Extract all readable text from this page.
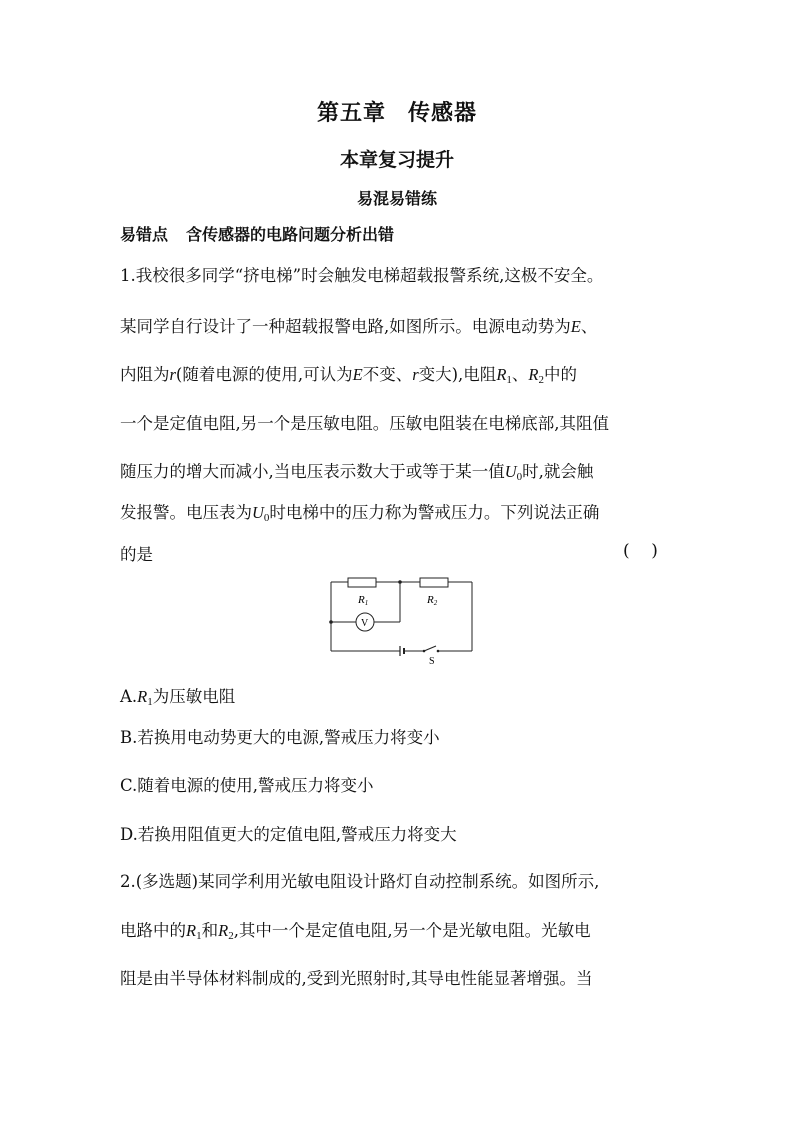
第五章 传感器
本章复习提升
易混易错练
易错点 含传感器的电路问题分析出错
1.我校很多同学“挤电梯”时会触发电梯超载报警系统,这极不安全。
某同学自行设计了一种超载报警电路,如图所示。电源电动势为E、
内阻为r(随着电源的使用,可认为E不变、r变大),电阻$R_1$、$R_2$中的
一个是定值电阻,另一个是压敏电阻。压敏电阻装在电梯底部,其阻值
随压力的增大而减小,当电压表示数大于或等于某一值$U_0$时,就会触
发报警。电压表为$U_0$时电梯中的压力称为警戒压力。下列说法正确
的是	(    )
R1	R2
V
S
$A.R_1$为压敏电阻
B.若换用电动势更大的电源,警戒压力将变小
C.随着电源的使用,警戒压力将变小
D.若换用阻值更大的定值电阻,警戒压力将变大
2.(多选题)某同学利用光敏电阻设计路灯自动控制系统。如图所示,
电路中的$R_1$和$R_2$,其中一个是定值电阻,另一个是光敏电阻。光敏电
阻是由半导体材料制成的,受到光照射时,其导电性能显著增强。当
